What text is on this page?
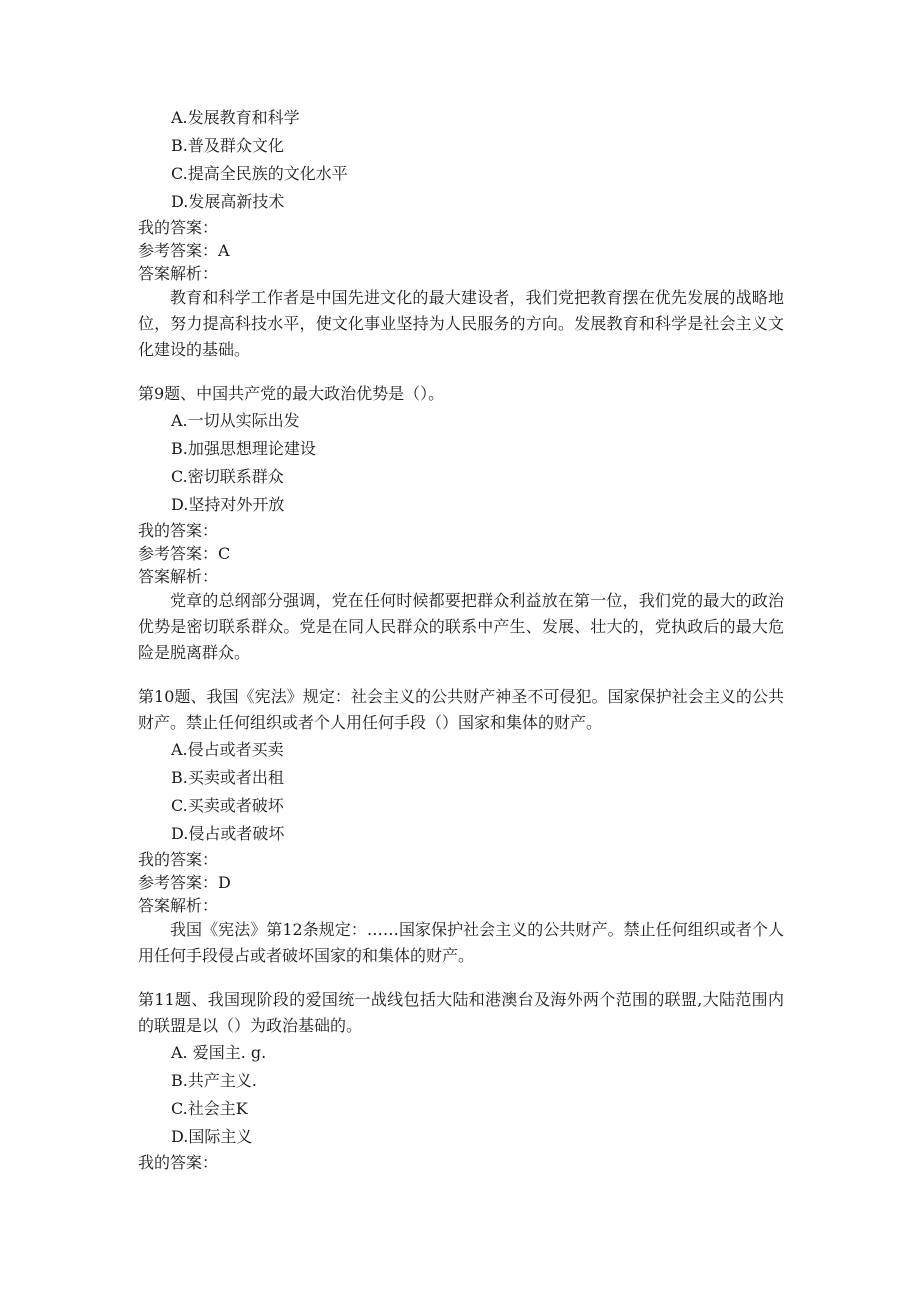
A.发展教育和科学
B.普及群众文化
C.提高全民族的文化水平
D.发展高新技术
我的答案：
参考答案：A
答案解析：

教育和科学工作者是中国先进文化的最大建设者，我们党把教育摆在优先发展的战略地位，努力提高科技水平，使文化事业坚持为人民服务的方向。发展教育和科学是社会主义文化建设的基础。

第9题、中国共产党的最大政治优势是（）。

A.一切从实际出发
B.加强思想理论建设
C.密切联系群众
D.坚持对外开放
我的答案：
参考答案：C
答案解析：

党章的总纲部分强调，党在任何时候都要把群众利益放在第一位，我们党的最大的政治优势是密切联系群众。党是在同人民群众的联系中产生、发展、壮大的，党执政后的最大危险是脱离群众。

第10题、我国《宪法》规定：社会主义的公共财产神圣不可侵犯。国家保护社会主义的公共财产。禁止任何组织或者个人用任何手段（）国家和集体的财产。

A.侵占或者买卖
B.买卖或者出租
C.买卖或者破坏
D.侵占或者破坏
我的答案：
参考答案：D
答案解析：

我国《宪法》第12条规定：……国家保护社会主义的公共财产。禁止任何组织或者个人用任何手段侵占或者破坏国家的和集体的财产。

第11题、我国现阶段的爱国统一战线包括大陆和港澳台及海外两个范围的联盟,大陆范围内的联盟是以（）为政治基础的。

A. 爱国主. g.
B.共产主义.
C.社会主K
D.国际主义
我的答案：
